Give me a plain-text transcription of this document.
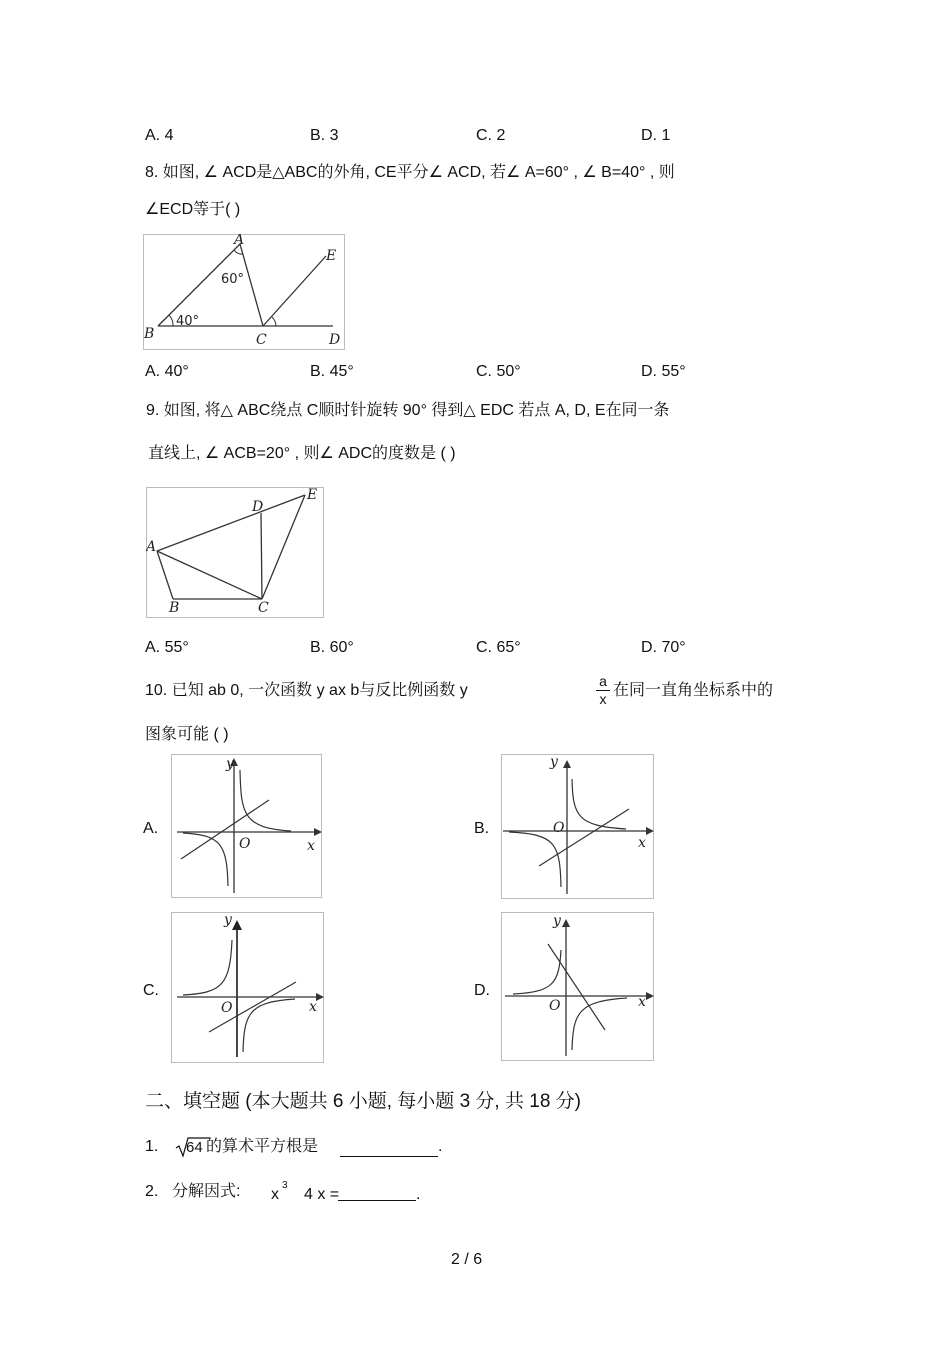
A. 4	B. 3	C. 2	D. 1
8. 如图, ∠ ACD是△ABC的外角, CE平分∠ ACD, 若∠ A=60° , ∠ B=40° , 则
∠ECD等于( )
A
B	C	D
E
60°
40°
A. 40°	B. 45°	C. 50°	D. 55°
9. 如图, 将△ ABC绕点 C顺时针旋转 90° 得到△ EDC 若点 A, D, E在同一条
直线上, ∠ ACB=20° , 则∠ ADC的度数是 ( )
A
B	C
D
E
A. 55°	B. 60°	C. 65°	D. 70°
10. 已知 ab 0, 一次函数 y ax b与反比例函数 y	$\frac{a}{x}$ 在同一直角坐标系中的
图象可能 ( )
A.
y
x
O
B.
y
x
O
C.
y
x
O
D.
y
x
O
二、填空题 (本大题共 6 小题, 每小题 3 分, 共 18 分)
1. 64 的算术平方根是	.
2. 分解因式: x
3
4 x =	.
2 / 6
